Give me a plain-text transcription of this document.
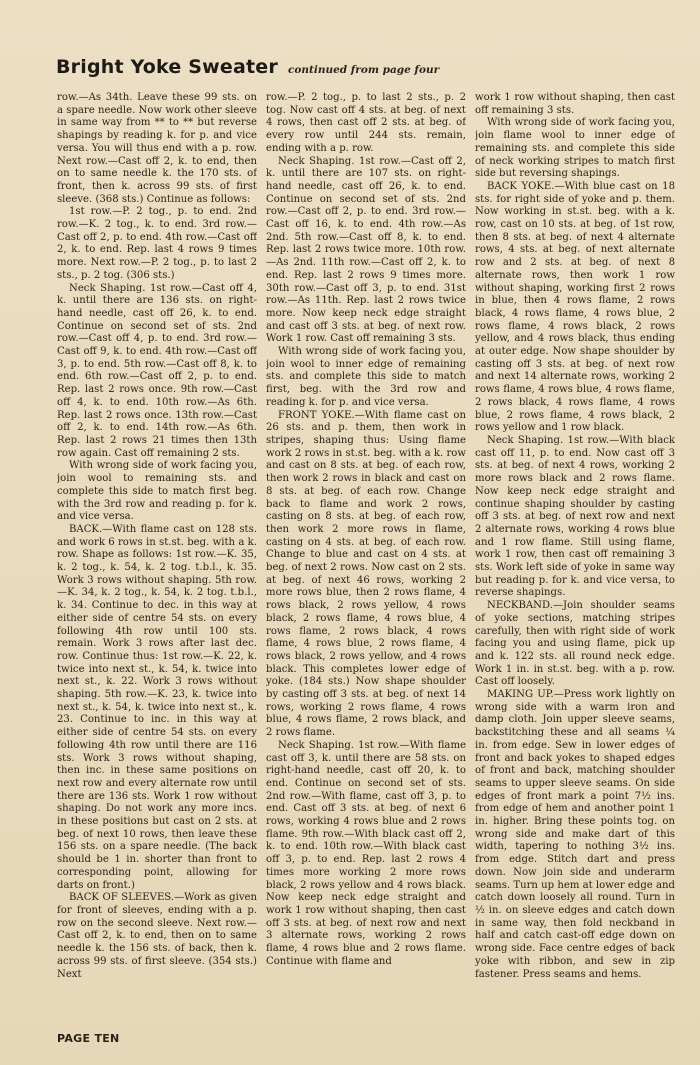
Bright Yoke Sweater continued from page four

row.—As 34th. Leave these 99 sts. on a spare needle. Now work other sleeve in same way from ** to ** but reverse shapings by reading k. for p. and vice versa. You will thus end with a p. row. Next row.—Cast off 2, k. to end, then on to same needle k. the 170 sts. of front, then k. across 99 sts. of first sleeve. (368 sts.) Continue as follows:

1st row.—P. 2 tog., p. to end. 2nd row.—K. 2 tog., k. to end. 3rd row.—Cast off 2, p. to end. 4th row.—Cast off 2, k. to end. Rep. last 4 rows 9 times more. Next row.—P. 2 tog., p. to last 2 sts., p. 2 tog. (306 sts.)

Neck Shaping. 1st row.—Cast off 4, k. until there are 136 sts. on right-hand needle, cast off 26, k. to end. Continue on second set of sts. 2nd row.—Cast off 4, p. to end. 3rd row.—Cast off 9, k. to end. 4th row.—Cast off 3, p. to end. 5th row.—Cast off 8, k. to end. 6th row.—Cast off 2, p. to end. Rep. last 2 rows once. 9th row.—Cast off 4, k. to end. 10th row.—As 6th. Rep. last 2 rows once. 13th row.—Cast off 2, k. to end. 14th row.—As 6th. Rep. last 2 rows 21 times then 13th row again. Cast off remaining 2 sts.

With wrong side of work facing you, join wool to remaining sts. and complete this side to match first beg. with the 3rd row and reading p. for k. and vice versa.

BACK.—With flame cast on 128 sts. and work 6 rows in st.st. beg. with a k. row. Shape as follows: 1st row.—K. 35, k. 2 tog., k. 54, k. 2 tog. t.b.l., k. 35. Work 3 rows without shaping. 5th row.—K. 34, k. 2 tog., k. 54, k. 2 tog. t.b.l., k. 34. Continue to dec. in this way at either side of centre 54 sts. on every following 4th row until 100 sts. remain. Work 3 rows after last dec. row. Continue thus: 1st row.—K. 22, k. twice into next st., k. 54, k. twice into next st., k. 22. Work 3 rows without shaping. 5th row.—K. 23, k. twice into next st., k. 54, k. twice into next st., k. 23. Continue to inc. in this way at either side of centre 54 sts. on every following 4th row until there are 116 sts. Work 3 rows without shaping, then inc. in these same positions on next row and every alternate row until there are 136 sts. Work 1 row without shaping. Do not work any more incs. in these positions but cast on 2 sts. at beg. of next 10 rows, then leave these 156 sts. on a spare needle. (The back should be 1 in. shorter than front to corresponding point, allowing for darts on front.)

BACK OF SLEEVES.—Work as given for front of sleeves, ending with a p. row on the second sleeve. Next row.—Cast off 2, k. to end, then on to same needle k. the 156 sts. of back, then k. across 99 sts. of first sleeve. (354 sts.) Next

row.—P. 2 tog., p. to last 2 sts., p. 2 tog. Now cast off 4 sts. at beg. of next 4 rows, then cast off 2 sts. at beg. of every row until 244 sts. remain, ending with a p. row.

Neck Shaping. 1st row.—Cast off 2, k. until there are 107 sts. on right-hand needle, cast off 26, k. to end. Continue on second set of sts. 2nd row.—Cast off 2, p. to end. 3rd row.—Cast off 16, k. to end. 4th row.—As 2nd. 5th row.—Cast off 8, k. to end. Rep. last 2 rows twice more. 10th row.—As 2nd. 11th row.—Cast off 2, k. to end. Rep. last 2 rows 9 times more. 30th row.—Cast off 3, p. to end. 31st row.—As 11th. Rep. last 2 rows twice more. Now keep neck edge straight and cast off 3 sts. at beg. of next row. Work 1 row. Cast off remaining 3 sts.

With wrong side of work facing you, join wool to inner edge of remaining sts. and complete this side to match first, beg. with the 3rd row and reading k. for p. and vice versa.

FRONT YOKE.—With flame cast on 26 sts. and p. them, then work in stripes, shaping thus: Using flame work 2 rows in st.st. beg. with a k. row and cast on 8 sts. at beg. of each row, then work 2 rows in black and cast on 8 sts. at beg. of each row. Change back to flame and work 2 rows, casting on 8 sts. at beg. of each row, then work 2 more rows in flame, casting on 4 sts. at beg. of each row. Change to blue and cast on 4 sts. at beg. of next 2 rows. Now cast on 2 sts. at beg. of next 46 rows, working 2 more rows blue, then 2 rows flame, 4 rows black, 2 rows yellow, 4 rows black, 2 rows flame, 4 rows blue, 4 rows flame, 2 rows black, 4 rows flame, 4 rows blue, 2 rows flame, 4 rows black, 2 rows yellow, and 4 rows black. This completes lower edge of yoke. (184 sts.) Now shape shoulder by casting off 3 sts. at beg. of next 14 rows, working 2 rows flame, 4 rows blue, 4 rows flame, 2 rows black, and 2 rows flame.

Neck Shaping. 1st row.—With flame cast off 3, k. until there are 58 sts. on right-hand needle, cast off 20, k. to end. Continue on second set of sts. 2nd row.—With flame, cast off 3, p. to end. Cast off 3 sts. at beg. of next 6 rows, working 4 rows blue and 2 rows flame. 9th row.—With black cast off 2, k. to end. 10th row.—With black cast off 3, p. to end. Rep. last 2 rows 4 times more working 2 more rows black, 2 rows yellow and 4 rows black. Now keep neck edge straight and work 1 row without shaping, then cast off 3 sts. at beg. of next row and next 3 alternate rows, working 2 rows flame, 4 rows blue and 2 rows flame. Continue with flame and

work 1 row without shaping, then cast off remaining 3 sts.

With wrong side of work facing you, join flame wool to inner edge of remaining sts. and complete this side of neck working stripes to match first side but reversing shapings.

BACK YOKE.—With blue cast on 18 sts. for right side of yoke and p. them. Now working in st.st. beg. with a k. row, cast on 10 sts. at beg. of 1st row, then 8 sts. at beg. of next 4 alternate rows, 4 sts. at beg. of next alternate row and 2 sts. at beg. of next 8 alternate rows, then work 1 row without shaping, working first 2 rows in blue, then 4 rows flame, 2 rows black, 4 rows flame, 4 rows blue, 2 rows flame, 4 rows black, 2 rows yellow, and 4 rows black, thus ending at outer edge. Now shape shoulder by casting off 3 sts. at beg. of next row and next 14 alternate rows, working 2 rows flame, 4 rows blue, 4 rows flame, 2 rows black, 4 rows flame, 4 rows blue, 2 rows flame, 4 rows black, 2 rows yellow and 1 row black.

Neck Shaping. 1st row.—With black cast off 11, p. to end. Now cast off 3 sts. at beg. of next 4 rows, working 2 more rows black and 2 rows flame. Now keep neck edge straight and continue shaping shoulder by casting off 3 sts. at beg. of next row and next 2 alternate rows, working 4 rows blue and 1 row flame. Still using flame, work 1 row, then cast off remaining 3 sts. Work left side of yoke in same way but reading p. for k. and vice versa, to reverse shapings.

NECKBAND.—Join shoulder seams of yoke sections, matching stripes carefully, then with right side of work facing you and using flame, pick up and k. 122 sts. all round neck edge. Work 1 in. in st.st. beg. with a p. row. Cast off loosely.

MAKING UP.—Press work lightly on wrong side with a warm iron and damp cloth. Join upper sleeve seams, backstitching these and all seams ¼ in. from edge. Sew in lower edges of front and back yokes to shaped edges of front and back, matching shoulder seams to upper sleeve seams. On side edges of front mark a point 7½ ins. from edge of hem and another point 1 in. higher. Bring these points tog. on wrong side and make dart of this width, tapering to nothing 3½ ins. from edge. Stitch dart and press down. Now join side and underarm seams. Turn up hem at lower edge and catch down loosely all round. Turn in ½ in. on sleeve edges and catch down in same way, then fold neckband in half and catch cast-off edge down on wrong side. Face centre edges of back yoke with ribbon, and sew in zip fastener. Press seams and hems.

PAGE TEN
